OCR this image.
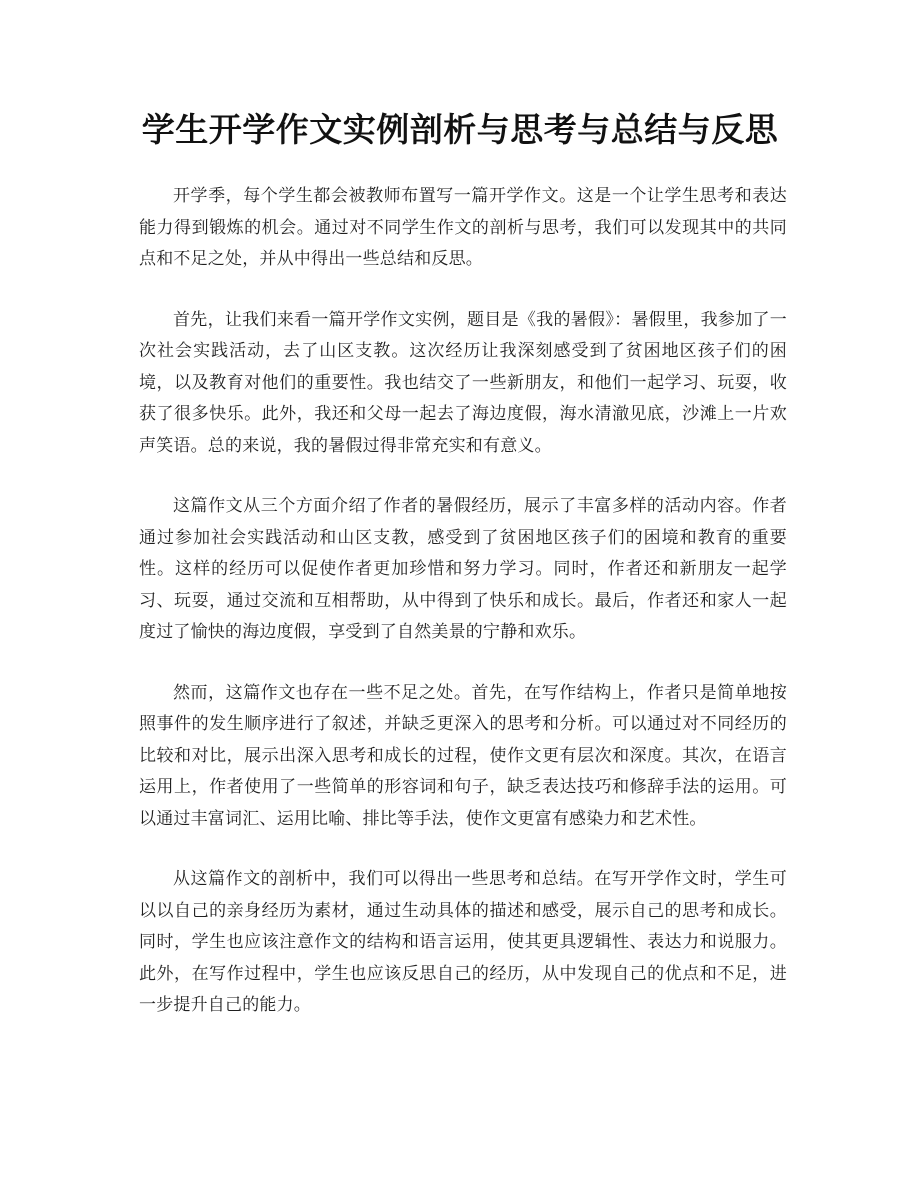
学生开学作文实例剖析与思考与总结与反思

开学季，每个学生都会被教师布置写一篇开学作文。这是一个让学生思考和表达能力得到锻炼的机会。通过对不同学生作文的剖析与思考，我们可以发现其中的共同点和不足之处，并从中得出一些总结和反思。

首先，让我们来看一篇开学作文实例，题目是《我的暑假》：暑假里，我参加了一次社会实践活动，去了山区支教。这次经历让我深刻感受到了贫困地区孩子们的困境，以及教育对他们的重要性。我也结交了一些新朋友，和他们一起学习、玩耍，收获了很多快乐。此外，我还和父母一起去了海边度假，海水清澈见底，沙滩上一片欢声笑语。总的来说，我的暑假过得非常充实和有意义。

这篇作文从三个方面介绍了作者的暑假经历，展示了丰富多样的活动内容。作者通过参加社会实践活动和山区支教，感受到了贫困地区孩子们的困境和教育的重要性。这样的经历可以促使作者更加珍惜和努力学习。同时，作者还和新朋友一起学习、玩耍，通过交流和互相帮助，从中得到了快乐和成长。最后，作者还和家人一起度过了愉快的海边度假，享受到了自然美景的宁静和欢乐。

然而，这篇作文也存在一些不足之处。首先，在写作结构上，作者只是简单地按照事件的发生顺序进行了叙述，并缺乏更深入的思考和分析。可以通过对不同经历的比较和对比，展示出深入思考和成长的过程，使作文更有层次和深度。其次，在语言运用上，作者使用了一些简单的形容词和句子，缺乏表达技巧和修辞手法的运用。可以通过丰富词汇、运用比喻、排比等手法，使作文更富有感染力和艺术性。

从这篇作文的剖析中，我们可以得出一些思考和总结。在写开学作文时，学生可以以自己的亲身经历为素材，通过生动具体的描述和感受，展示自己的思考和成长。同时，学生也应该注意作文的结构和语言运用，使其更具逻辑性、表达力和说服力。此外，在写作过程中，学生也应该反思自己的经历，从中发现自己的优点和不足，进一步提升自己的能力。
